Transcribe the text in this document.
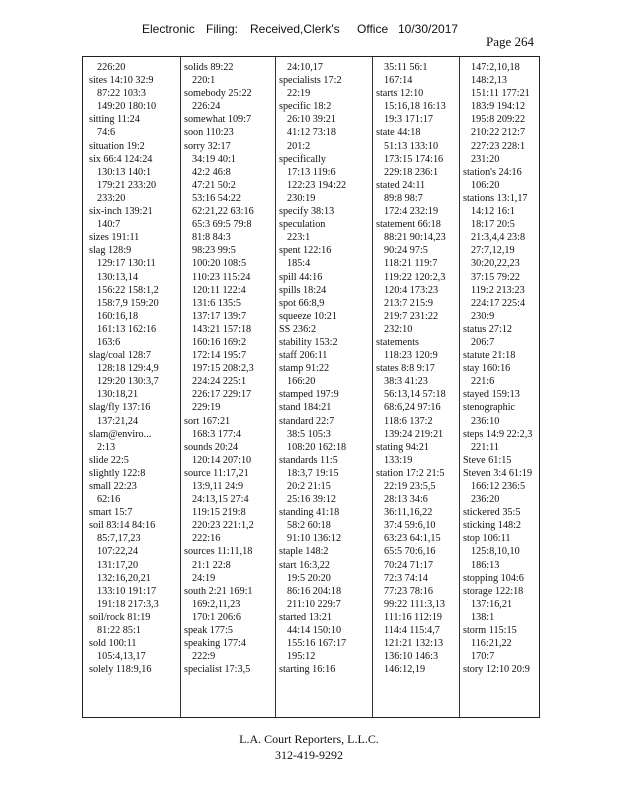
Electronic Filing: Received,Clerk's Office 10/30/2017
Page 264
226:20
sites 14:10 32:9
87:22 103:3
149:20 180:10
sitting 11:24
74:6
situation 19:2
six 66:4 124:24
130:13 140:1
179:21 233:20
233:20
six-inch 139:21
140:7
sizes 191:11
slag 128:9
129:17 130:11
130:13,14
156:22 158:1,2
158:7,9 159:20
160:16,18
161:13 162:16
163:6
slag/coal 128:7
128:18 129:4,9
129:20 130:3,7
130:18,21
slag/fly 137:16
137:21,24
slam@enviro...
2:13
slide 22:5
slightly 122:8
small 22:23
62:16
smart 15:7
soil 83:14 84:16
85:7,17,23
107:22,24
131:17,20
132:16,20,21
133:10 191:17
191:18 217:3,3
soil/rock 81:19
81:22 85:1
sold 100:11
105:4,13,17
solely 118:9,16
solids 89:22
220:1
somebody 25:22
226:24
somewhat 109:7
soon 110:23
sorry 32:17
34:19 40:1
42:2 46:8
47:21 50:2
53:16 54:22
62:21,22 63:16
65:3 69:5 79:8
81:8 84:3
98:23 99:5
100:20 108:5
110:23 115:24
120:11 122:4
131:6 135:5
137:17 139:7
143:21 157:18
160:16 169:2
172:14 195:7
197:15 208:2,3
224:24 225:1
226:17 229:17
229:19
sort 167:21
168:3 177:4
sounds 20:24
120:14 207:10
source 11:17,21
13:9,11 24:9
24:13,15 27:4
119:15 219:8
220:23 221:1,2
222:16
sources 11:11,18
21:1 22:8
24:19
south 2:21 169:1
169:2,11,23
170:1 206:6
speak 177:5
speaking 177:4
222:9
specialist 17:3,5
24:10,17
specialists 17:2
22:19
specific 18:2
26:10 39:21
41:12 73:18
201:2
specifically
17:13 119:6
122:23 194:22
230:19
specify 38:13
speculation
223:1
spent 122:16
185:4
spill 44:16
spills 18:24
spot 66:8,9
squeeze 10:21
SS 236:2
stability 153:2
staff 206:11
stamp 91:22
166:20
stamped 197:9
stand 184:21
standard 22:7
38:5 105:3
108:20 162:18
standards 11:5
18:3,7 19:15
20:2 21:15
25:16 39:12
standing 41:18
58:2 60:18
91:10 136:12
staple 148:2
start 16:3,22
19:5 20:20
86:16 204:18
211:10 229:7
started 13:21
44:14 150:10
155:16 167:17
195:12
starting 16:16
35:11 56:1
167:14
starts 12:10
15:16,18 16:13
19:3 171:17
state 44:18
51:13 133:10
173:15 174:16
229:18 236:1
stated 24:11
89:8 98:7
172:4 232:19
statement 66:18
88:21 90:14,23
90:24 97:5
118:21 119:7
119:22 120:2,3
120:4 173:23
213:7 215:9
219:7 231:22
232:10
statements
118:23 120:9
states 8:8 9:17
38:3 41:23
56:13,14 57:18
68:6,24 97:16
118:6 137:2
139:24 219:21
stating 94:21
133:19
station 17:2 21:5
22:19 23:5,5
28:13 34:6
36:11,16,22
37:4 59:6,10
63:23 64:1,15
65:5 70:6,16
70:24 71:17
72:3 74:14
77:23 78:16
99:22 111:3,13
111:16 112:19
114:4 115:4,7
121:21 132:13
136:10 146:3
146:12,19
147:2,10,18
148:2,13
151:11 177:21
183:9 194:12
195:8 209:22
210:22 212:7
227:23 228:1
231:20
station's 24:16
106:20
stations 13:1,17
14:12 16:1
18:17 20:5
21:3,4,4 23:8
27:7,12,19
30:20,22,23
37:15 79:22
119:2 213:23
224:17 225:4
230:9
status 27:12
206:7
statute 21:18
stay 160:16
221:6
stayed 159:13
stenographic
236:10
steps 14:9 22:2,3
221:11
Steve 61:15
Steven 3:4 61:19
166:12 236:5
236:20
stickered 35:5
sticking 148:2
stop 106:11
125:8,10,10
186:13
stopping 104:6
storage 122:18
137:16,21
138:1
storm 115:15
116:21,22
170:7
story 12:10 20:9
L.A. Court Reporters, L.L.C.
312-419-9292
